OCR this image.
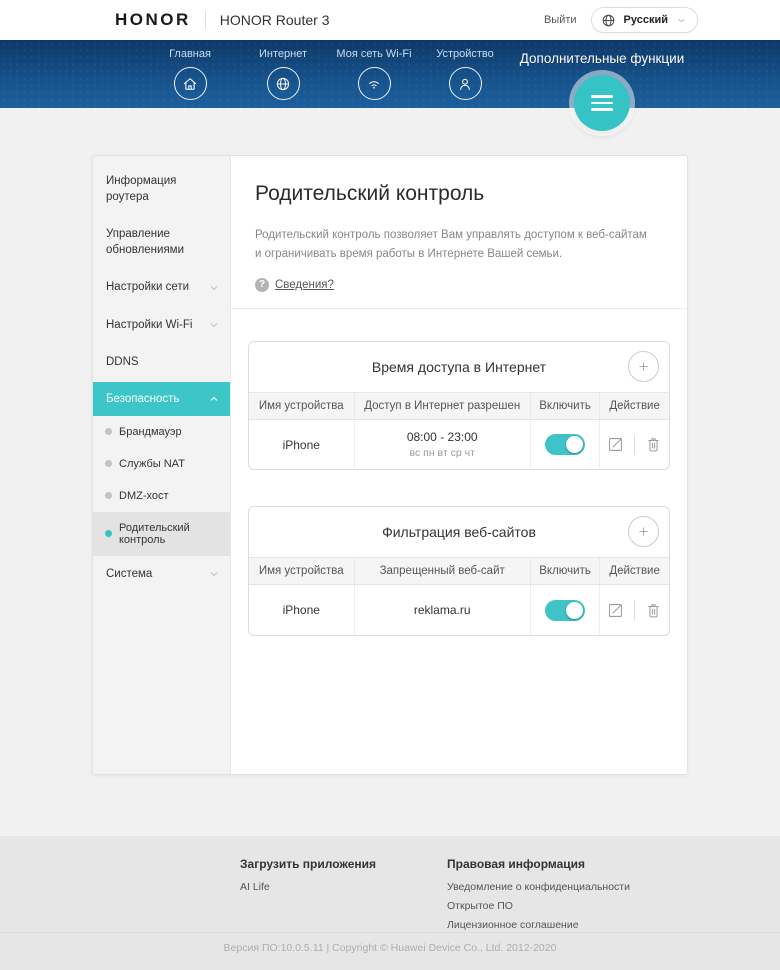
HONOR HONOR Router 3	Выйти	Русский
Главная	Интернет	Моя сеть Wi-Fi	Устройство	Дополнительные функции
Информация роутера
Управление обновлениями
Настройки сети
Настройки Wi-Fi
DDNS
Безопасность
Брандмауэр
Службы NAT
DMZ-хост
Родительский контроль
Система
Родительский контроль
Родительский контроль позволяет Вам управлять доступом к веб-сайтам и ограничивать время работы в Интернете Вашей семьи.
? Сведения?
Время доступа в Интернет
Имя устройства	Доступ в Интернет разрешен	Включить	Действие
iPhone	08:00 - 23:00
вс пн вт ср чт

Фильтрация веб-сайтов
Имя устройства	Запрещенный веб-сайт	Включить	Действие
iPhone	reklama.ru	

Загрузить приложения
AI Life
Правовая информация
Уведомление о конфиденциальности
Открытое ПО
Лицензионное соглашение
Версия ПО:10.0.5.11 | Copyright © Huawei Device Co., Ltd. 2012-2020
